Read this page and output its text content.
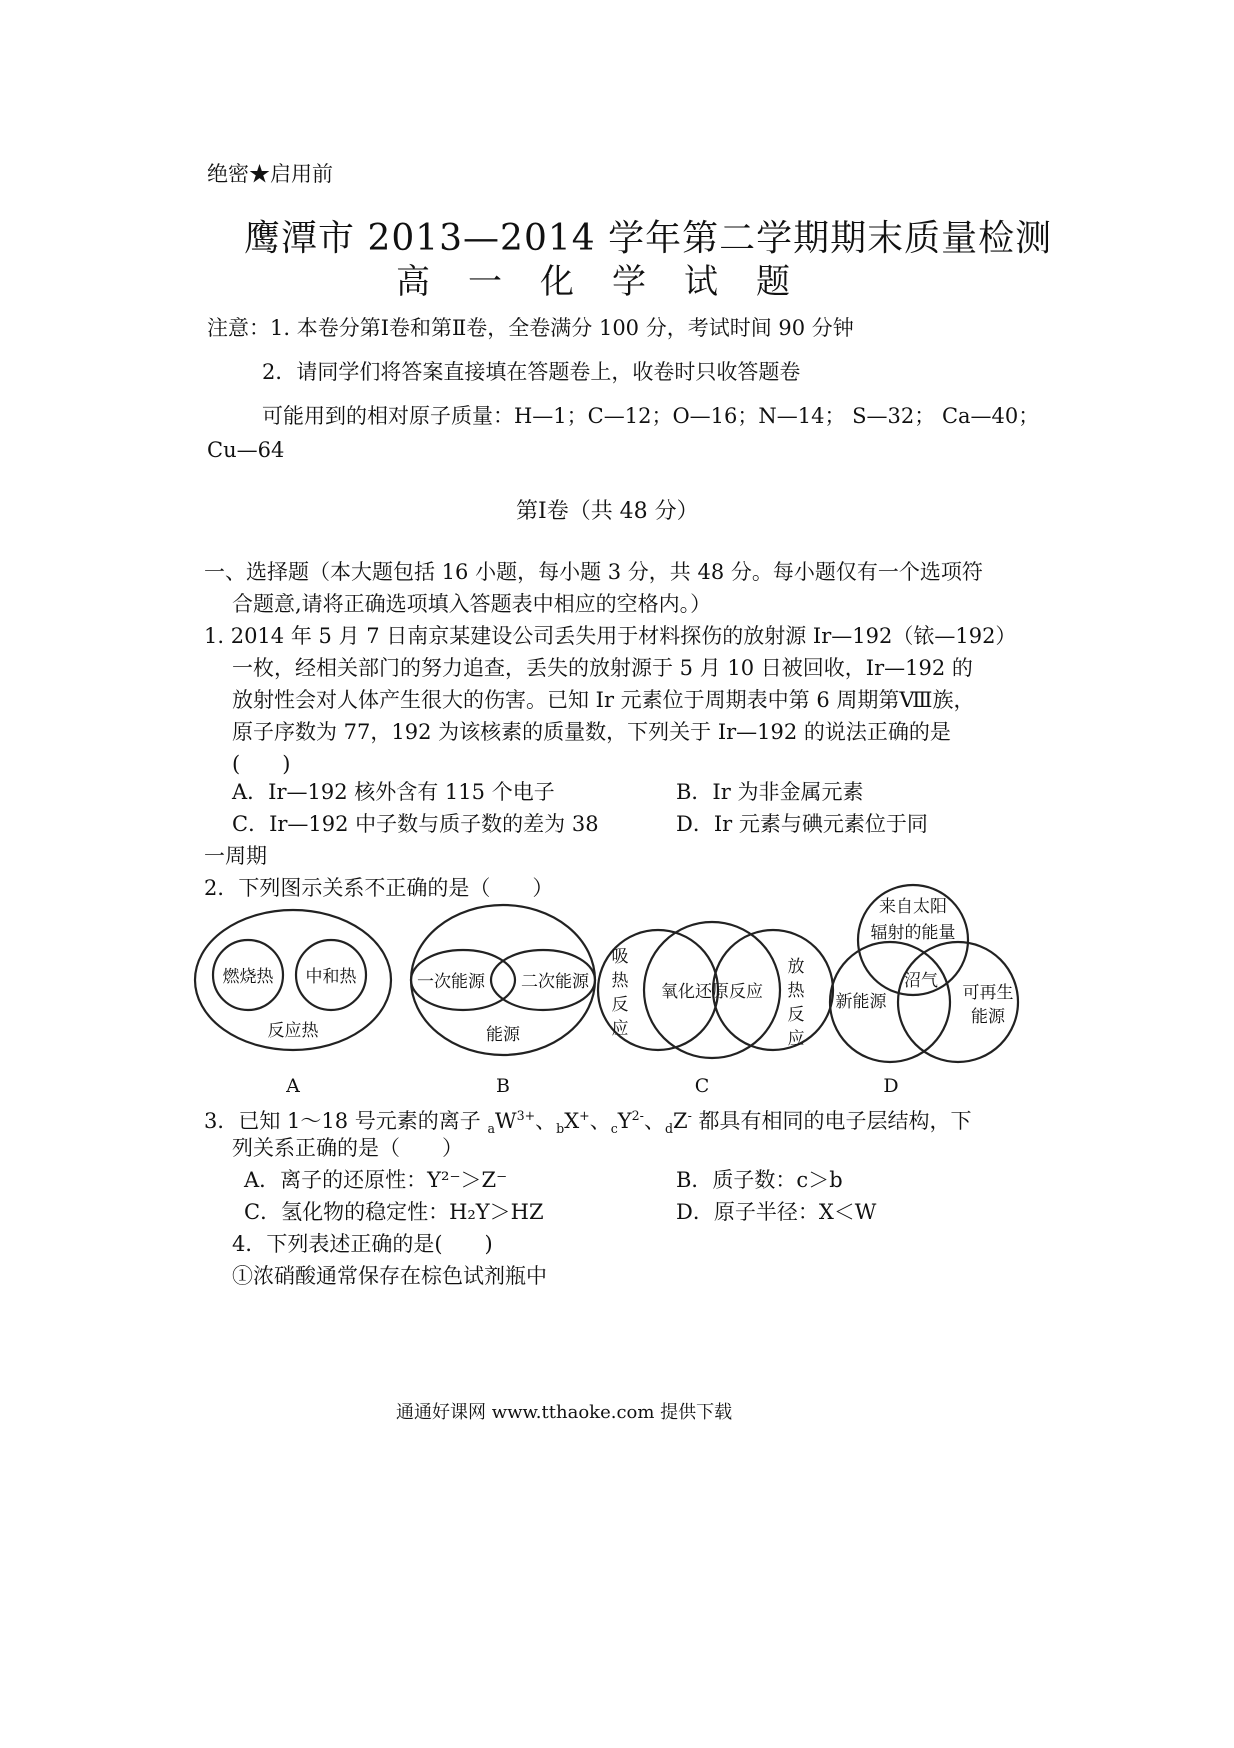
绝密★启用前
鹰潭市 2013—2014 学年第二学期期末质量检测
高一化学试题
注意：1. 本卷分第Ⅰ卷和第Ⅱ卷，全卷满分 100 分，考试时间 90 分钟
2．请同学们将答案直接填在答题卷上，收卷时只收答题卷
可能用到的相对原子质量：H—1；C—12；O—16；N—14； S—32； Ca—40；
Cu—64
第Ⅰ卷（共 48 分）
一、选择题（本大题包括 16 小题，每小题 3 分，共 48 分。每小题仅有一个选项符
合题意,请将正确选项填入答题表中相应的空格内。）
1. 2014 年 5 月 7 日南京某建设公司丢失用于材料探伤的放射源 Ir—192（铱—192）
一枚，经相关部门的努力追查，丢失的放射源于 5 月 10 日被回收，Ir—192 的
放射性会对人体产生很大的伤害。已知 Ir 元素位于周期表中第 6 周期第Ⅷ族，
原子序数为 77，192 为该核素的质量数，下列关于 Ir—192 的说法正确的是
(　　)
A．Ir—192 核外含有 115 个电子	B．Ir 为非金属元素
C．Ir—192 中子数与质子数的差为 38	D．Ir 元素与碘元素位于同
一周期
2．下列图示关系不正确的是（　　）
燃烧热 中和热
反应热
一次能源 二次能源
能源
吸
热
反
应
氧化还原反应
放
热
反
应
来自太阳
辐射的能量
沼气
新能源	可再生
能源
A	B	C	D
3．已知 1～18 号元素的离子 $_aW^{3+}$、$_b$X+、$_cY^{2-}$、$_d$Z- 都具有相同的电子层结构，下
列关系正确的是（　　）
A．离子的还原性：Y²⁻＞Z⁻	B．质子数：c＞b
C．氢化物的稳定性：H₂Y＞HZ	D．原子半径：X＜W
4．下列表述正确的是(　　)
①浓硝酸通常保存在棕色试剂瓶中
通通好课网 www.tthaoke.com 提供下载
